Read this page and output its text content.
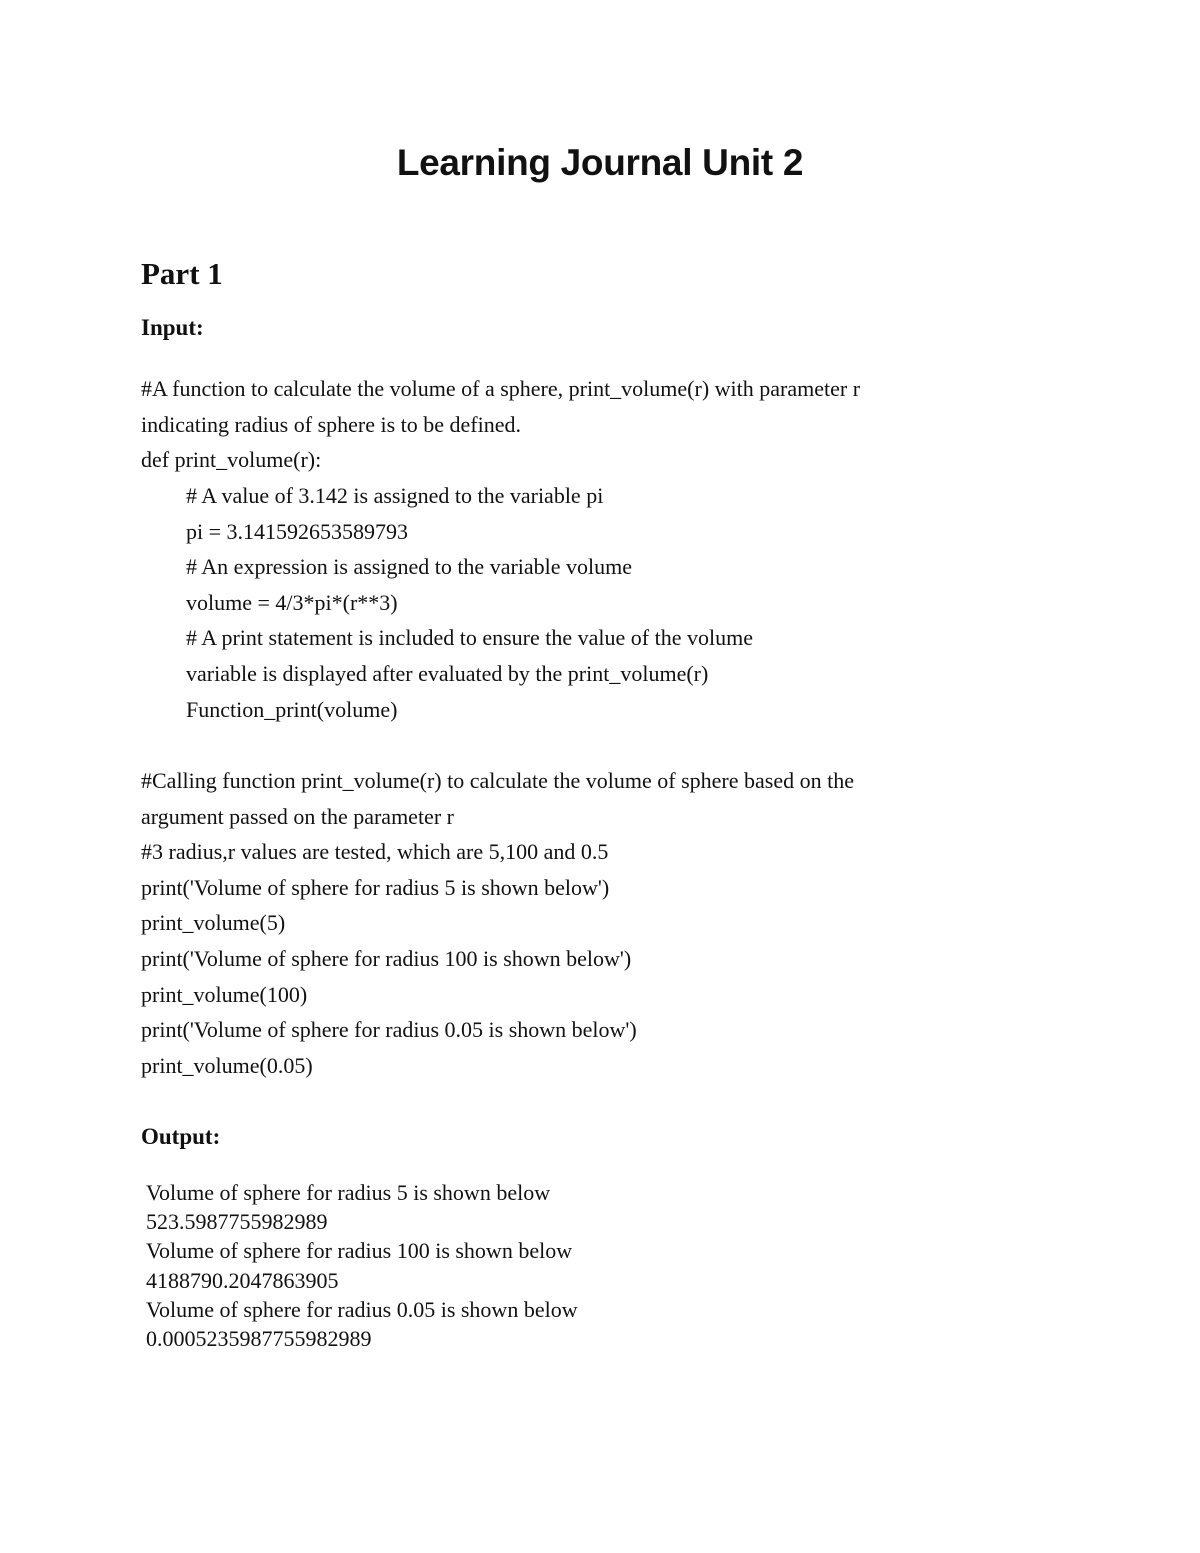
Learning Journal Unit 2
Part 1
Input:
#A function to calculate the volume of a sphere, print_volume(r) with parameter r
indicating radius of sphere is to be defined.
def print_volume(r):
# A value of 3.142 is assigned to the variable pi
pi = 3.141592653589793
# An expression is assigned to the variable volume
volume = 4/3*pi*(r**3)
# A print statement is included to ensure the value of the volume
variable is displayed after evaluated by the print_volume(r)
Function_print(volume)
#Calling function print_volume(r) to calculate the volume of sphere based on the
argument passed on the parameter r
#3 radius,r values are tested, which are 5,100 and 0.5
print('Volume of sphere for radius 5 is shown below')
print_volume(5)
print('Volume of sphere for radius 100 is shown below')
print_volume(100)
print('Volume of sphere for radius 0.05 is shown below')
print_volume(0.05)
Output:
Volume of sphere for radius 5 is shown below
523.5987755982989
Volume of sphere for radius 100 is shown below
4188790.2047863905
Volume of sphere for radius 0.05 is shown below
0.0005235987755982989
